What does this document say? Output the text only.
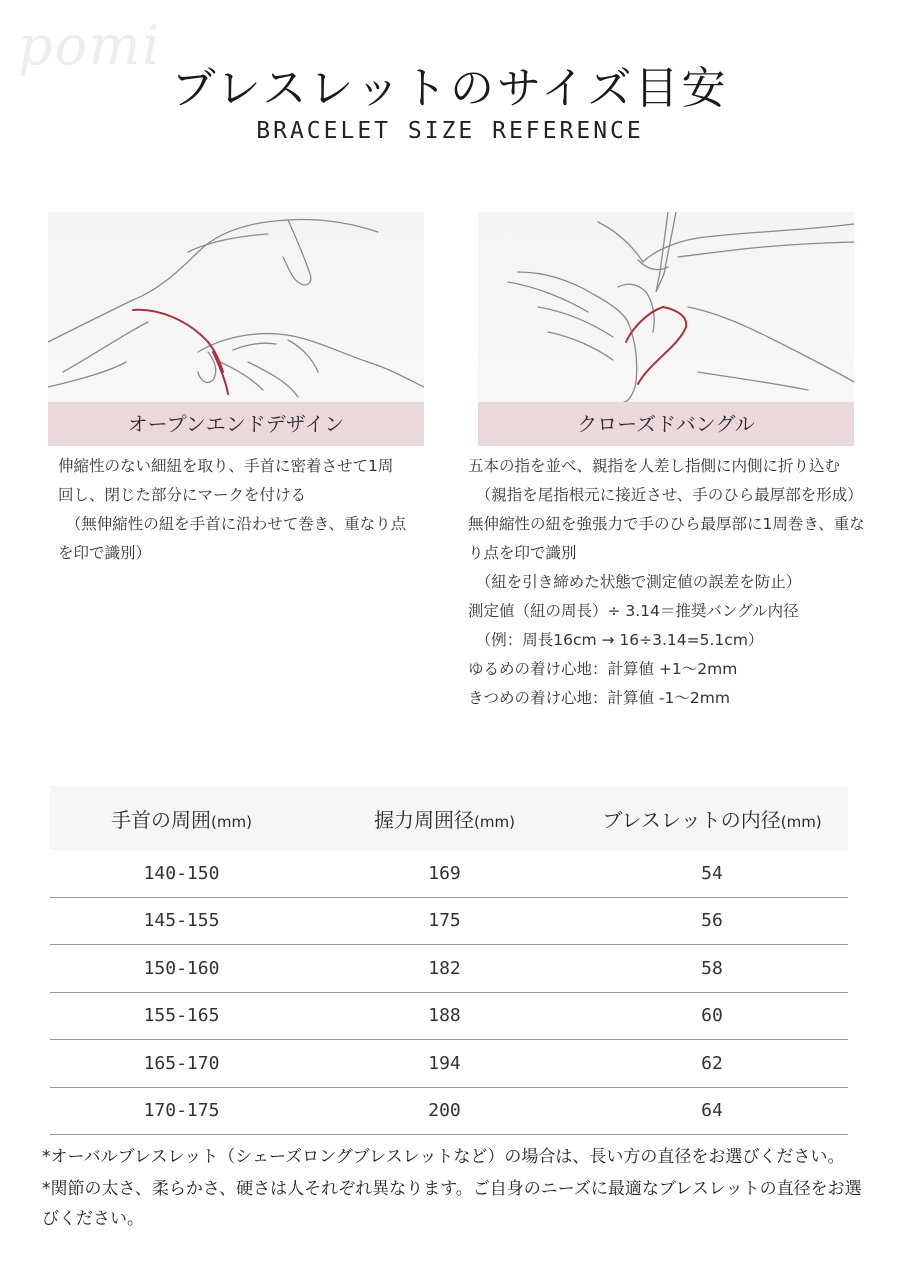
pomi
ブレスレットのサイズ目安
BRACELET SIZE REFERENCE
オープンエンドデザイン

伸縮性のない細紐を取り、手首に密着させて1周

回し、閉じた部分にマークを付ける

（無伸縮性の紐を手首に沿わせて巻き、重なり点

を印で識別）

クローズドバングル

五本の指を並べ、親指を人差し指側に内側に折り込む

（親指を尾指根元に接近させ、手のひら最厚部を形成）

無伸縮性の紐を強張力で手のひら最厚部に1周巻き、重な

り点を印で識別

（紐を引き締めた状態で測定値の誤差を防止）

測定値（紐の周長）÷ 3.14＝推奨バングル内径

（例：周長16cm → 16÷3.14=5.1cm）

ゆるめの着け心地：計算値 +1〜2mm

きつめの着け心地：計算値 -1〜2mm

手首の周囲(mm)	握力周囲径(mm)	ブレスレットの内径(mm)
140-150	169	54
145-155	175	56
150-160	182	58
155-165	188	60
165-170	194	62
170-175	200	64

*オーバルブレスレット（シェーズロングブレスレットなど）の場合は、長い方の直径をお選びください。

*関節の太さ、柔らかさ、硬さは人それぞれ異なります。ご自身のニーズに最適なブレスレットの直径をお選びください。
